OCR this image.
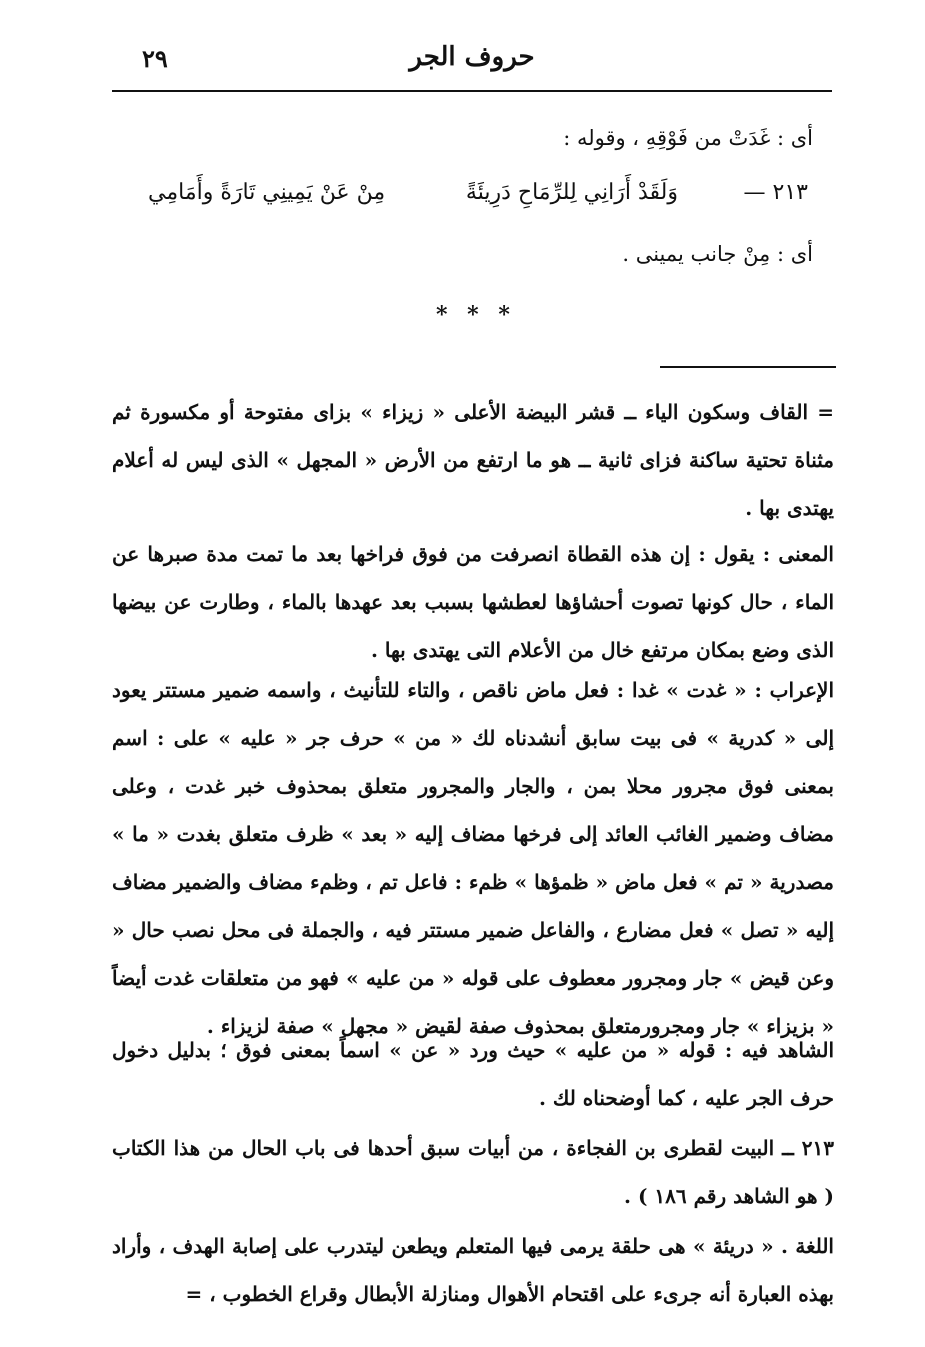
٢٩	حروف الجر
أى : غَدَتْ من فَوْقِهِ ، وقوله :
٢١٣ —
وَلَقَدْ أَرَانِي لِلرِّمَاحِ دَرِيئَةً
مِنْ عَنْ يَمِينِي تَارَةً وأَمَامِي
أى : مِنْ جانب يمينى .
* * *

= القاف وسكون الياء ــ قشر البيضة الأعلى « زيزاء » بزاى مفتوحة أو مكسورة ثم مثناة تحتية ساكنة فزاى ثانية ــ هو ما ارتفع من الأرض « المجهل » الذى ليس له أعلام يهتدى بها .

المعنى : يقول : إن هذه القطاة انصرفت من فوق فراخها بعد ما تمت مدة صبرها عن الماء ، حال كونها تصوت أحشاؤها لعطشها بسبب بعد عهدها بالماء ، وطارت عن بيضها الذى وضع بمكان مرتفع خال من الأعلام التى يهتدى بها .

الإعراب : « غدت » غدا : فعل ماض ناقص ، والتاء للتأنيث ، واسمه ضمير مستتر يعود إلى « كدرية » فى بيت سابق أنشدناه لك « من » حرف جر « عليه » على : اسم بمعنى فوق مجرور محلا بمن ، والجار والمجرور متعلق بمحذوف خبر غدت ، وعلى مضاف وضمير الغائب العائد إلى فرخها مضاف إليه « بعد » ظرف متعلق بغدت « ما » مصدرية « تم » فعل ماض « ظمؤها » ظمء : فاعل تم ، وظمء مضاف والضمير مضاف إليه « تصل » فعل مضارع ، والفاعل ضمير مستتر فيه ، والجملة فى محل نصب حال « وعن قيض » جار ومجرور معطوف على قوله « من عليه » فهو من متعلقات غدت أيضاً « بزيزاء » جار ومجرورمتعلق بمحذوف صفة لقيض « مجهل » صفة لزيزاء .

الشاهد فيه : قوله « من عليه » حيث ورد « عن » اسماً بمعنى فوق ؛ بدليل دخول حرف الجر عليه ، كما أوضحناه لك .

٢١٣ ــ البيت لقطرى بن الفجاءة ، من أبيات سبق أحدها فى باب الحال من هذا الكتاب ( هو الشاهد رقم ١٨٦ ) .

اللغة . « دريئة » هى حلقة يرمى فيها المتعلم ويطعن ليتدرب على إصابة الهدف ، وأراد بهذه العبارة أنه جرىء على اقتحام الأهوال ومنازلة الأبطال وقراع الخطوب ، =
